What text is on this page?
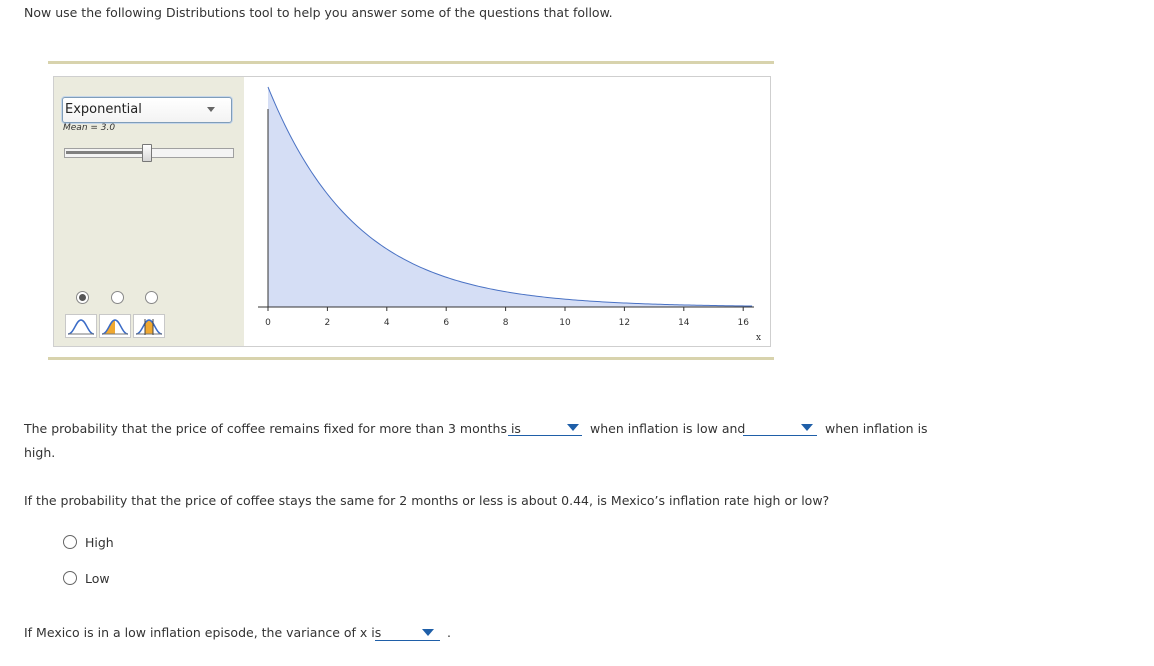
Now use the following Distributions tool to help you answer some of the questions that follow.
Exponential
Mean = 3.0
0	2	4	6	8	10	12	14	16
x
The probability that the price of coffee remains fixed for more than 3 months is	when inflation is low and	when inflation is
high.
If the probability that the price of coffee stays the same for 2 months or less is about 0.44, is Mexico’s inflation rate high or low?
High
Low
If Mexico is in a low inflation episode, the variance of x is	.
